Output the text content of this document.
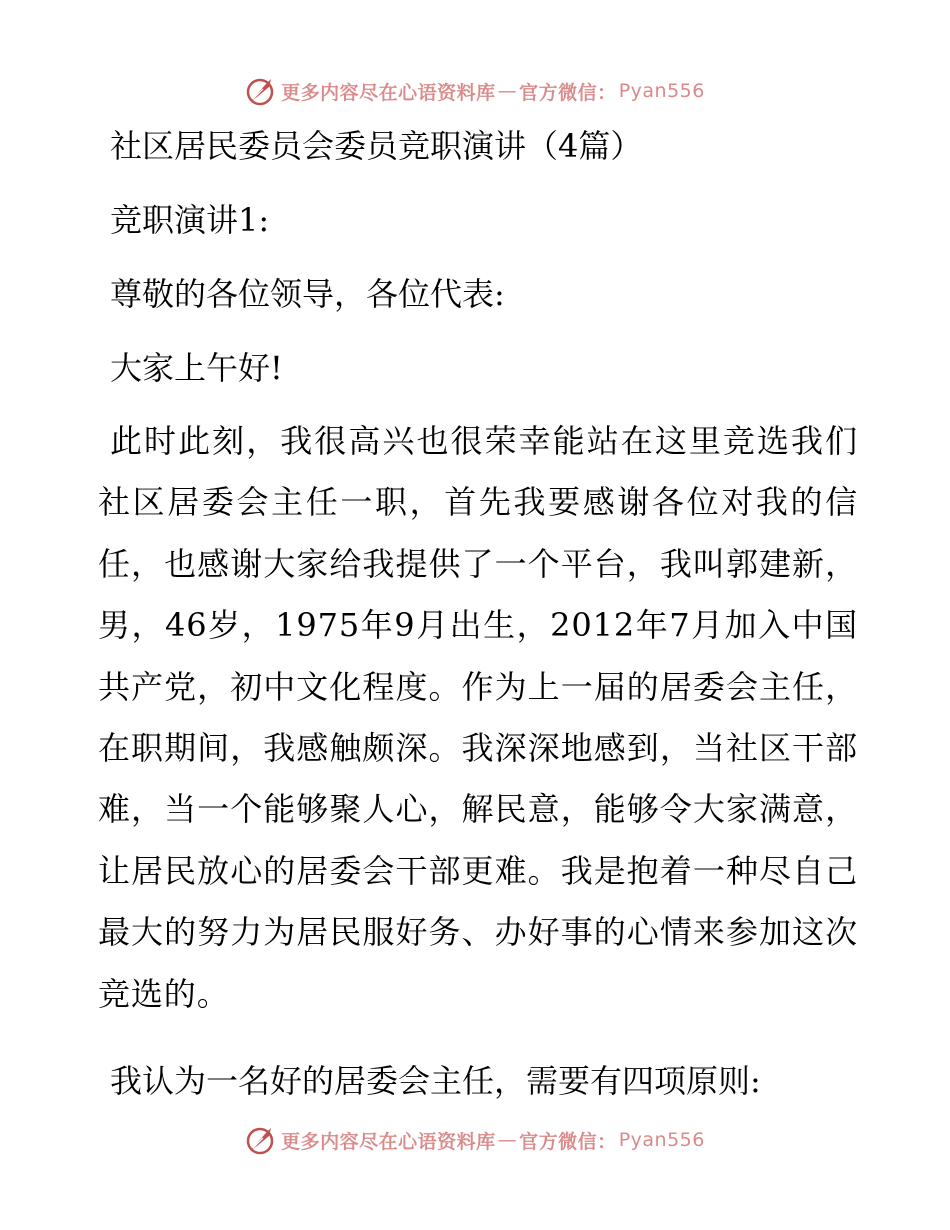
更多内容尽在心语资料库 — 官方微信： Pyan556
社区居民委员会委员竞职演讲（4篇）
竞职演讲1:
尊敬的各位领导，各位代表:
大家上午好!
此时此刻，我很高兴也很荣幸能站在这里竞选我们社区居委会主任一职，首先我要感谢各位对我的信任，也感谢大家给我提供了一个平台，我叫郭建新，男，46岁，1975年9月出生，2012年7月加入中国共产党，初中文化程度。作为上一届的居委会主任，在职期间，我感触颇深。我深深地感到，当社区干部难，当一个能够聚人心，解民意，能够令大家满意，让居民放心的居委会干部更难。我是抱着一种尽自己最大的努力为居民服好务、办好事的心情来参加这次竞选的。
我认为一名好的居委会主任，需要有四项原则:
更多内容尽在心语资料库 — 官方微信： Pyan556
